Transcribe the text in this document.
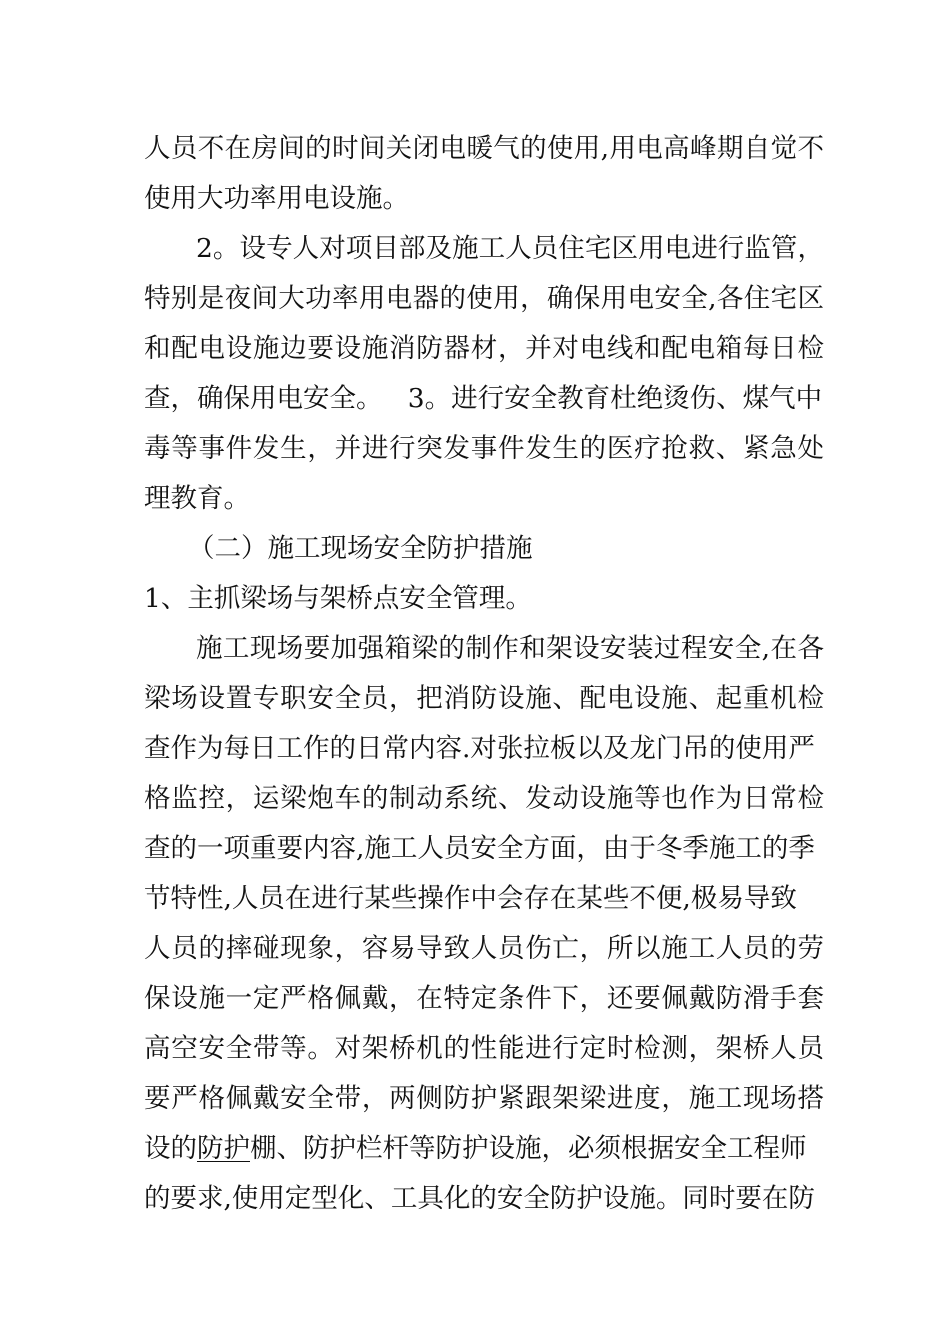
人员不在房间的时间关闭电暖气的使用,用电高峰期自觉不
使用大功率用电设施。
2。设专人对项目部及施工人员住宅区用电进行监管，
特别是夜间大功率用电器的使用，确保用电安全,各住宅区
和配电设施边要设施消防器材，并对电线和配电箱每日检
查，确保用电安全。   3。进行安全教育杜绝烫伤、煤气中
毒等事件发生，并进行突发事件发生的医疗抢救、紧急处
理教育。
（二）施工现场安全防护措施
1、主抓梁场与架桥点安全管理。
施工现场要加强箱梁的制作和架设安装过程安全,在各
梁场设置专职安全员，把消防设施、配电设施、起重机检
查作为每日工作的日常内容.对张拉板以及龙门吊的使用严
格监控，运梁炮车的制动系统、发动设施等也作为日常检
查的一项重要内容,施工人员安全方面，由于冬季施工的季
节特性,人员在进行某些操作中会存在某些不便,极易导致
人员的摔碰现象，容易导致人员伤亡，所以施工人员的劳
保设施一定严格佩戴，在特定条件下，还要佩戴防滑手套
高空安全带等。对架桥机的性能进行定时检测，架桥人员
要严格佩戴安全带，两侧防护紧跟架梁进度，施工现场搭
设的防护棚、防护栏杆等防护设施，必须根据安全工程师
的要求,使用定型化、工具化的安全防护设施。同时要在防
